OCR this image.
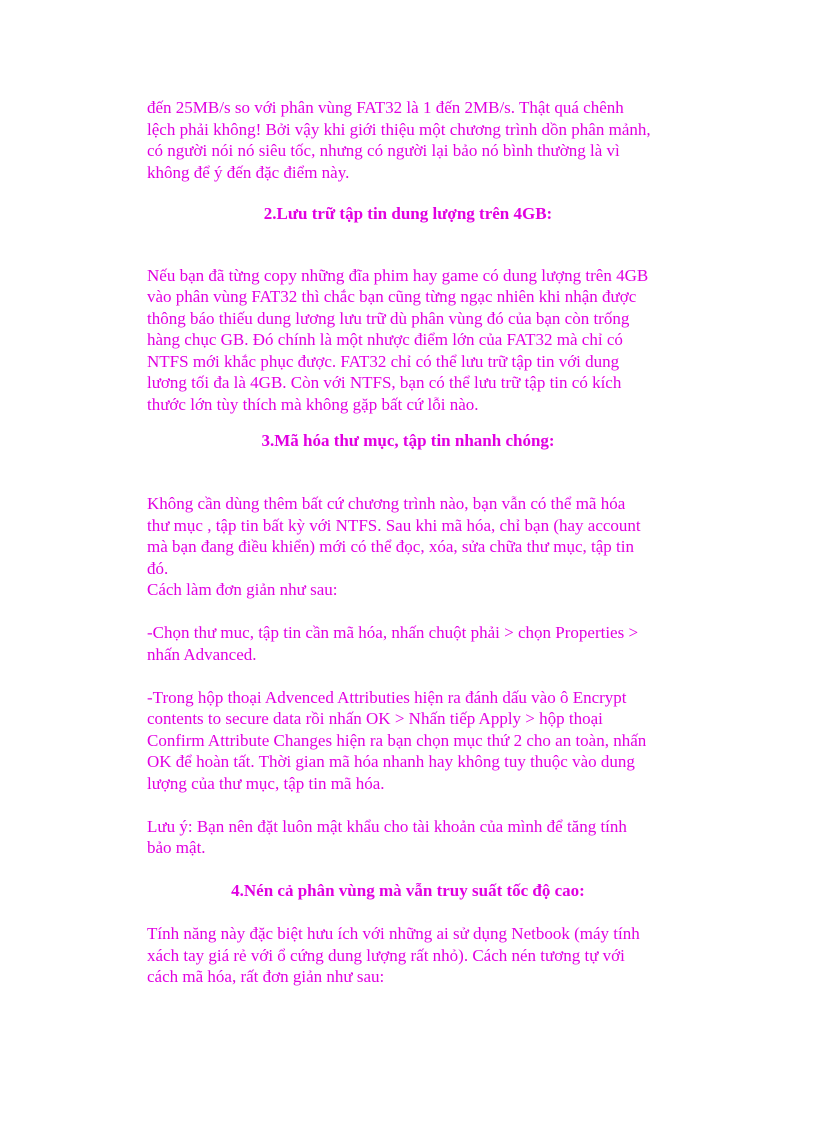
đến 25MB/s so với phân vùng FAT32 là 1 đến 2MB/s. Thật quá chênh
lệch phải không! Bởi vậy khi giới thiệu một chương trình dồn phân mảnh,
có người nói nó siêu tốc, nhưng có người lại bảo nó bình thường là vì
không để ý đến đặc điểm này.
2.Lưu trữ tập tin dung lượng trên 4GB:
Nếu bạn đã từng copy những đĩa phim hay game có dung lượng trên 4GB
vào phân vùng FAT32 thì chắc bạn cũng từng ngạc nhiên khi nhận được
thông báo thiếu dung lương lưu trữ dù phân vùng đó của bạn còn trống
hàng chục GB. Đó chính là một nhược điểm lớn của FAT32 mà chỉ có
NTFS mới khắc phục được. FAT32 chỉ có thể lưu trữ tập tin với dung
lương tối đa là 4GB. Còn với NTFS, bạn có thể lưu trữ tập tin có kích
thước lớn tùy thích mà không gặp bất cứ lỗi nào.
3.Mã hóa thư mục, tập tin nhanh chóng:
Không cần dùng thêm bất cứ chương trình nào, bạn vẫn có thể mã hóa
thư mục , tập tin bất kỳ với NTFS. Sau khi mã hóa, chỉ bạn (hay account
mà bạn đang điều khiển) mới có thể đọc, xóa, sửa chữa thư mục, tập tin
đó.
Cách làm đơn giản như sau:
-Chọn thư muc, tập tin cần mã hóa, nhấn chuột phải > chọn Properties >
nhấn Advanced.
-Trong hộp thoại Advenced Attributies hiện ra đánh dấu vào ô Encrypt
contents to secure data rồi nhấn OK > Nhấn tiếp Apply > hộp thoại
Confirm Attribute Changes hiện ra bạn chọn mục thứ 2 cho an toàn, nhấn
OK để hoàn tất. Thời gian mã hóa nhanh hay không tuy thuộc vào dung
lượng của thư mục, tập tin mã hóa.
Lưu ý: Bạn nên đặt luôn mật khẩu cho tài khoản của mình để tăng tính
bảo mật.
4.Nén cả phân vùng mà vẫn truy suất tốc độ cao:
Tính năng này đặc biệt hưu ích với những ai sử dụng Netbook (máy tính
xách tay giá rẻ với ổ cứng dung lượng rất nhỏ). Cách nén tương tự với
cách mã hóa, rất đơn giản như sau:
